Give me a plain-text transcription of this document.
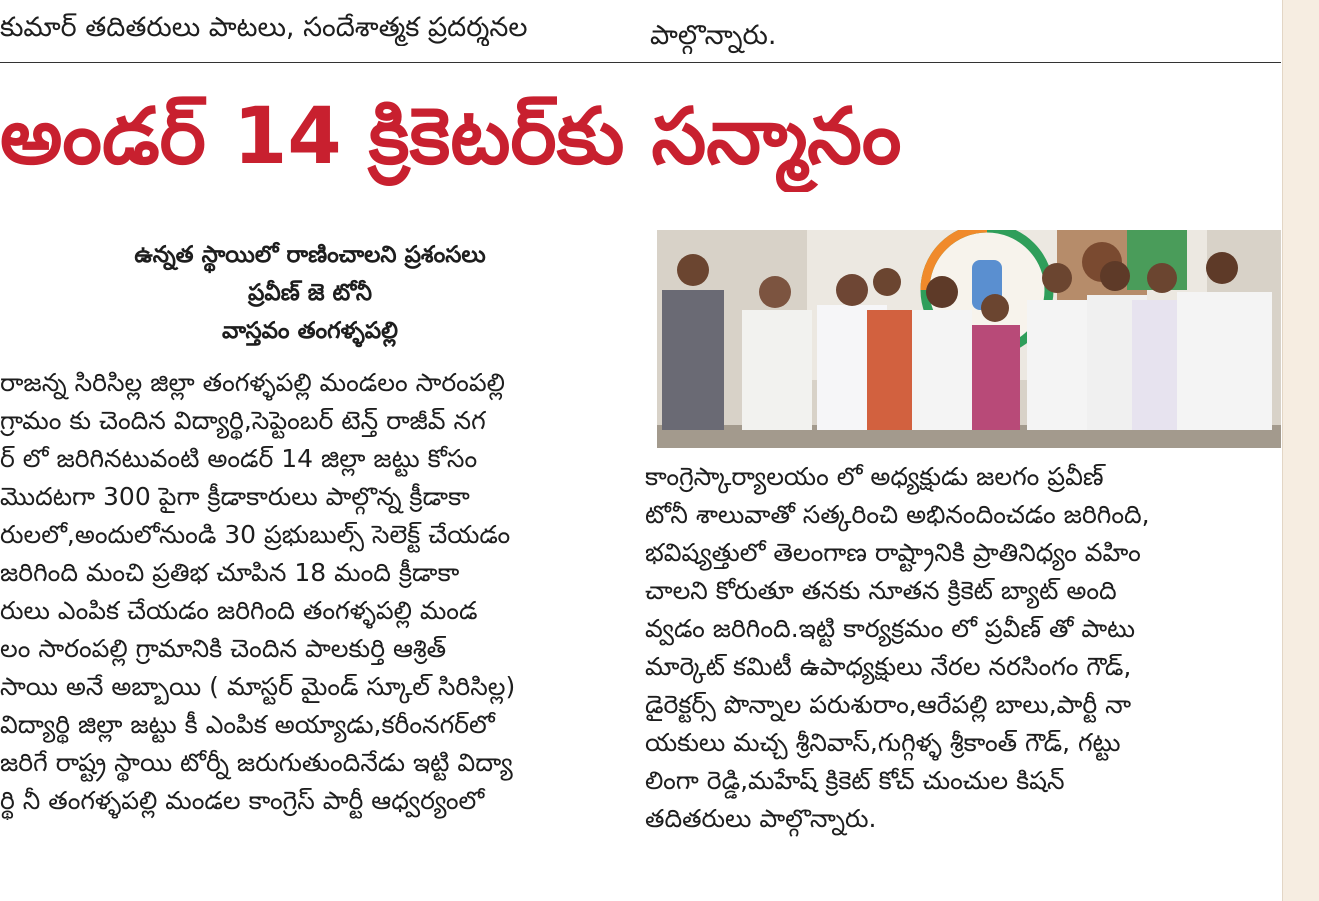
కుమార్ తదితరులు పాటలు, సందేశాత్మక ప్రదర్శనల	పాల్గొన్నారు.
అండర్ 14 క్రికెటర్‌కు సన్మానం
ఉన్నత స్థాయిలో రాణించాలని ప్రశంసలు
ప్రవీణ్ జె టోనీ
వాస్తవం తంగళ్ళపల్లి
రాజన్న సిరిసిల్ల జిల్లా తంగళ్ళపల్లి మండలం సారంపల్లి
గ్రామం కు చెందిన విద్యార్థి,సెప్టెంబర్ టెన్త్ రాజీవ్ నగ
ర్ లో జరిగినటువంటి అండర్ 14 జిల్లా జట్టు కోసం
మొదటగా 300 పైగా క్రీడాకారులు పాల్గొన్న క్రీడాకా
రులలో,అందులోనుండి 30 ప్రభుబుల్స్ సెలెక్ట్ చేయడం
జరిగింది మంచి ప్రతిభ చూపిన 18 మంది క్రీడాకా
రులు ఎంపిక చేయడం జరిగింది తంగళ్ళపల్లి మండ
లం సారంపల్లి గ్రామానికి చెందిన పాలకుర్తి ఆశ్రిత్
సాయి అనే అబ్బాయి ( మాస్టర్ మైండ్ స్కూల్ సిరిసిల్ల)
విద్యార్థి జిల్లా జట్టు కీ ఎంపిక అయ్యాడు,కరీంనగర్‌లో
జరిగే రాష్ట్ర స్థాయి టోర్నీ జరుగుతుందినేడు ఇట్టి విద్యా
ర్థి నీ తంగళ్ళపల్లి మండల కాంగ్రెస్ పార్టీ ఆధ్వర్యంలో
కాంగ్రెస్కార్యాలయం లో అధ్యక్షుడు జలగం ప్రవీణ్
టోనీ శాలువాతో సత్కరించి అభినందించడం జరిగింది,
భవిష్యత్తులో తెలంగాణ రాష్ట్రానికి ప్రాతినిధ్యం వహిం
చాలని కోరుతూ తనకు నూతన క్రికెట్ బ్యాట్ అంది
వ్వడం జరిగింది.ఇట్టి కార్యక్రమం లో ప్రవీణ్ తో పాటు
మార్కెట్ కమిటీ ఉపాధ్యక్షులు నేరల నరసింగం గౌడ్,
డైరెక్టర్స్ పొన్నాల పరుశురాం,ఆరేపల్లి బాలు,పార్టీ నా
యకులు మచ్చ శ్రీనివాస్,గుగ్గిళ్ళ శ్రీకాంత్ గౌడ్, గట్టు
లింగా రెడ్డి,మహేష్ క్రికెట్ కోచ్ చుంచుల కిషన్
తదితరులు పాల్గొన్నారు.
